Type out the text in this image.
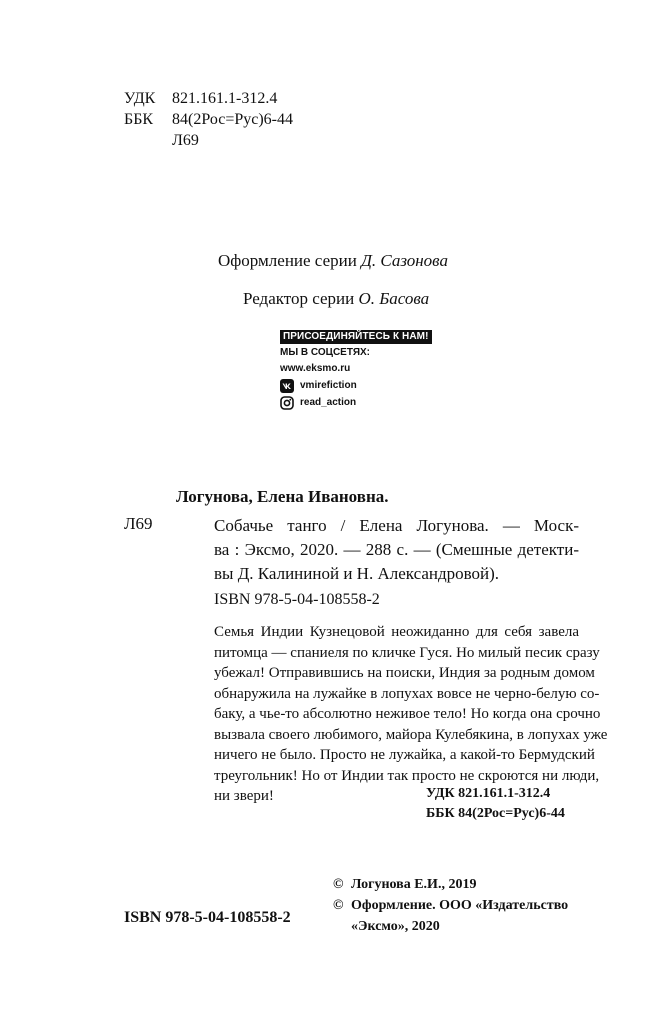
УДК 821.161.1-312.4
ББК 84(2Рос=Рус)6-44
Л69
Оформление серии Д. Сазонова
Редактор серии О. Басова
ПРИСОЕДИНЯЙТЕСЬ К НАМ!
МЫ В СОЦСЕТЯХ:
www.eksmo.ru
vmirefiction
read_action
Логунова, Елена Ивановна.
Л69	Собачье танго / Елена Логунова. — Моск-
ва : Эксмо, 2020. — 288 с. — (Смешные детекти-
вы Д. Калининой и Н. Александровой).
ISBN 978-5-04-108558-2
Семья Индии Кузнецовой неожиданно для себя завела
питомца — спаниеля по кличке Гуся. Но милый песик сразу
убежал! Отправившись на поиски, Индия за родным домом
обнаружила на лужайке в лопухах вовсе не черно-белую со-
баку, а чье-то абсолютно неживое тело! Но когда она срочно
вызвала своего любимого, майора Кулебякина, в лопухах уже
ничего не было. Просто не лужайка, а какой-то Бермудский
треугольник! Но от Индии так просто не скроются ни люди,
ни звери!	УДК 821.161.1-312.4
ББК 84(2Рос=Рус)6-44
© Логунова Е.И., 2019
© Оформление. ООО «Издательство
«Эксмо», 2020
ISBN 978-5-04-108558-2
